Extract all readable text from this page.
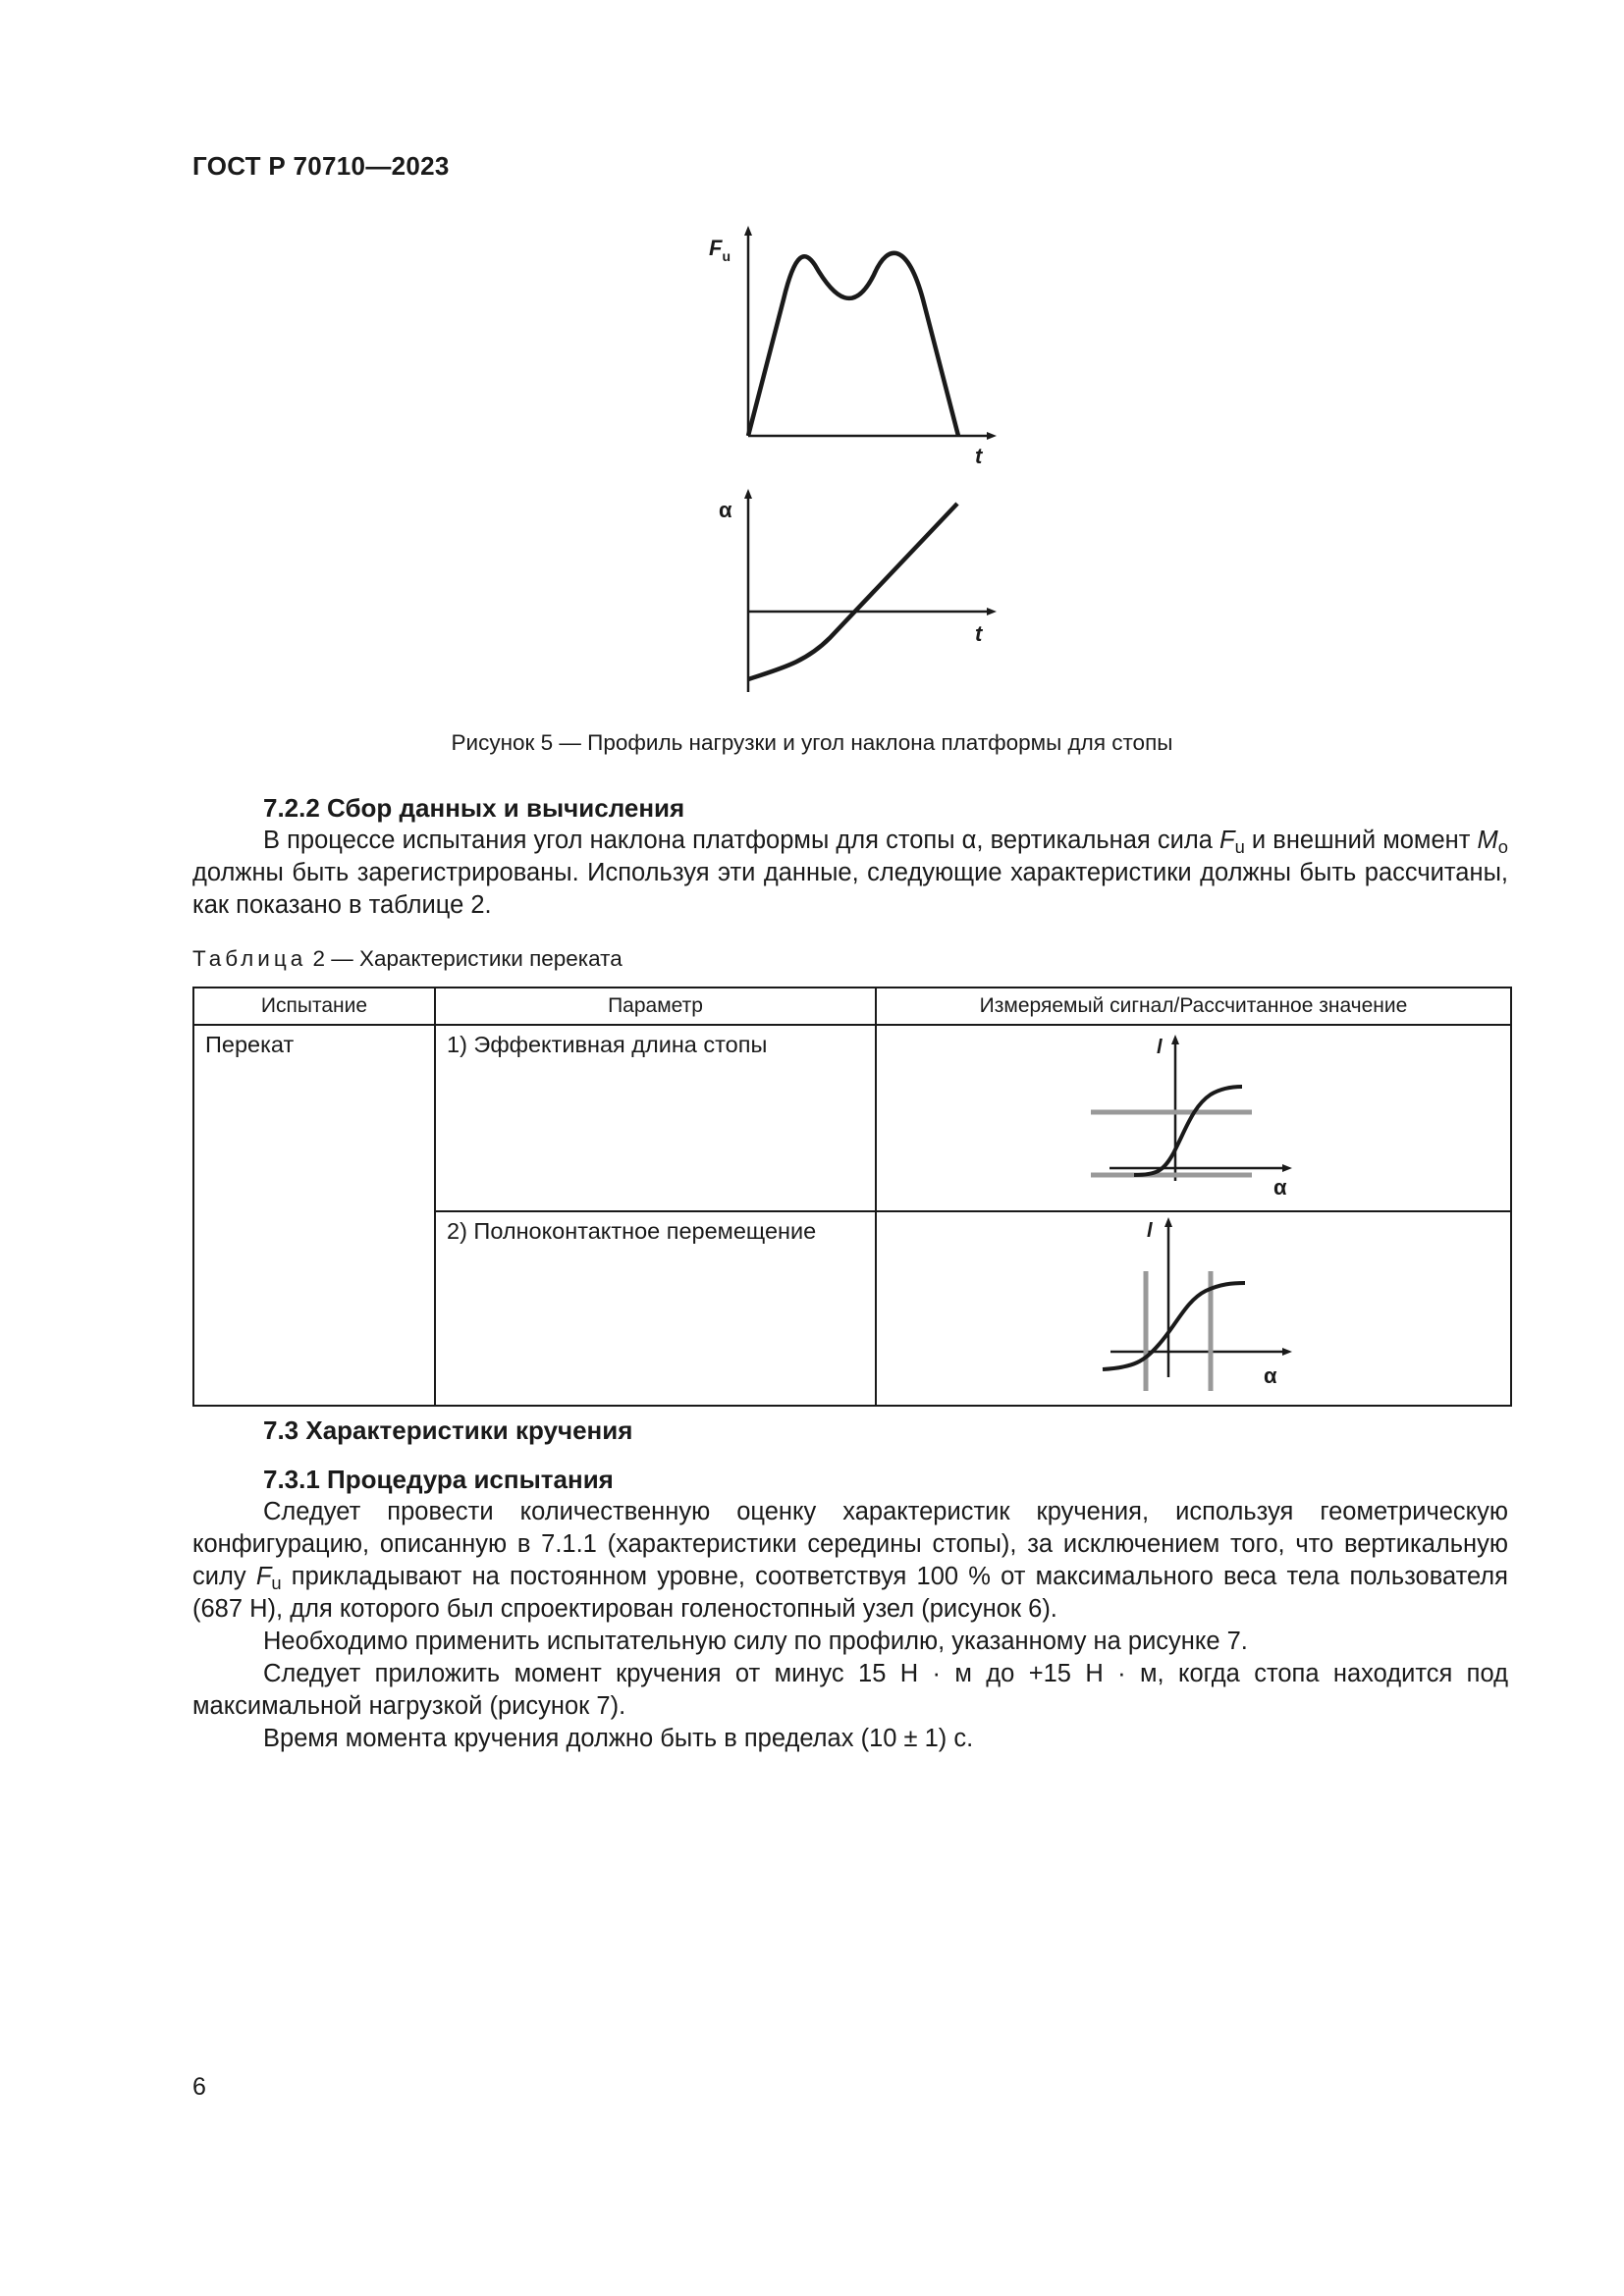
ГОСТ Р 70710—2023
$F_u$
t
α
t
Рисунок 5 — Профиль нагрузки и угол наклона платформы для стопы
7.2.2 Сбор данных и вычисления

В процессе испытания угол наклона платформы для стопы α, вертикальная сила $F_u$ и внешний момент $M_o$ должны быть зарегистрированы. Используя эти данные, следующие характеристики должны быть рассчитаны, как показано в таблице 2.

Таблица 2 — Характеристики переката
Испытание	Параметр	Измеряемый сигнал/Рассчитанное значение
Перекат	1) Эффективная длина стопы	l
α

	2) Полноконтактное перемещение	l
α
7.3 Характеристики кручения
7.3.1 Процедура испытания

Следует провести количественную оценку характеристик кручения, используя геометрическую конфигурацию, описанную в 7.1.1 (характеристики середины стопы), за исключением того, что вертикальную силу $F_u$ прикладывают на постоянном уровне, соответствуя 100 % от максимального веса тела пользователя (687 Н), для которого был спроектирован голеностопный узел (рисунок 6).

Необходимо применить испытательную силу по профилю, указанному на рисунке 7.

Следует приложить момент кручения от минус 15 Н · м до +15 Н · м, когда стопа находится под максимальной нагрузкой (рисунок 7).

Время момента кручения должно быть в пределах (10 ± 1) с.

6
